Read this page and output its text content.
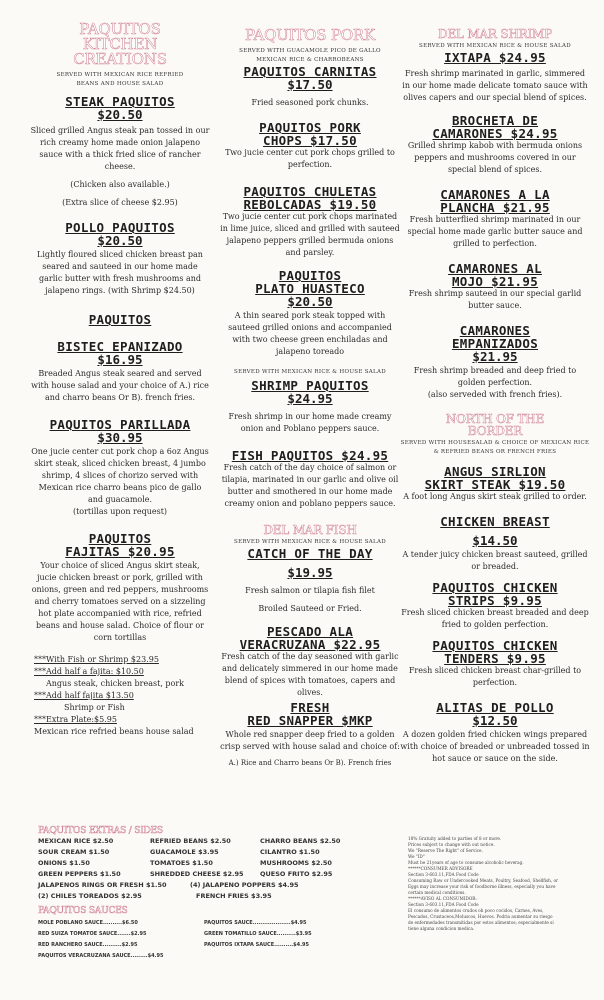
PAQUITOS KITCHEN CREATIONS
SERVED WITH MEXICAN RICE REFRIED BEANS AND HOUSE SALAD
STEAK PAQUITOS
$20.50
Sliced grilled Angus steak pan tossed in our rich creamy home made onion jalapeno sauce with a thick fried slice of rancher cheese.
(Chicken also available.)
(Extra slice of cheese $2.95)
POLLO PAQUITOS
$20.50
Lightly floured sliced chicken breast pan seared and sauteed in our home made garlic butter with fresh mushrooms and jalapeno rings. (with Shrimp $24.50)
PAQUITOS
BISTEC EPANIZADO
$16.95
Breaded Angus steak seared and served with house salad and your choice of A.) rice and charro beans Or B). french fries.
PAQUITOS PARILLADA
$30.95
One jucie center cut pork chop a 6oz Angus skirt steak, sliced chicken breast, 4 jumbo shrimp, 4 slices of chorizo served with Mexican rice charro beans pico de gallo and guacamole.
(tortillas upon request)
PAQUITOS
FAJITAS $20.95
Your choice of sliced Angus skirt steak, jucie chicken breast or pork, grilled with onions, green and red peppers, mushrooms and cherry tomatoes served on a sizzeling hot plate accompanied with rice, refried beans and house salad. Choice of flour or corn tortillas
***With Fish or Shrimp $23.95
***Add half a fajita: $10.50
Angus steak, chicken breast, pork
***Add half fajita $13.50
Shrimp or Fish
***Extra Plate:$5.95
Mexican rice refried beans house salad
PAQUITOS PORK
SERVED WITH GUACAMOLE PICO DE GALLO
MEXICAN RICE & CHARROBEANS
PAQUITOS CARNITAS
$17.50
Fried seasoned pork chunks.
PAQUITOS PORK
CHOPS $17.50
Two jucie center cut pork chops grilled to perfection.
PAQUITOS CHULETAS
REBOLCADAS $19.50
Two jucie center cut pork chops marinated in lime juice, sliced and grilled with sauteed jalapeno peppers grilled bermuda onions and parsley.
PAQUITOS
PLATO HUASTECO
$20.50
A thin seared pork steak topped with sauteed grilled onions and accompanied with two cheese green enchiladas and jalapeno toreado
SERVED WITH MEXICAN RICE & HOUSE SALAD
SHRIMP PAQUITOS
$24.95
Fresh shrimp in our home made creamy onion and Poblano peppers sauce.
FISH PAQUITOS $24.95
Fresh catch of the day choice of salmon or tilapia, marinated in our garlic and olive oil butter and smothered in our home made creamy onion and poblano peppers sauce.
DEL MAR FISH
SERVED WITH MEXICAN RICE & HOUSE SALAD
CATCH OF THE DAY
$19.95
Fresh salmon or tilapia fish filet
Broiled Sauteed or Fried.
PESCADO ALA
VERACRUZANA $22.95
Fresh catch of the day seasoned with garlic and delicately simmered in our home made blend of spices with tomatoes, capers and olives.
FRESH
RED SNAPPER $MKP
Whole red snapper deep fried to a golden crisp served with house salad and choice of:
A.) Rice and Charro beans Or B). French fries
DEL MAR SHRIMP
SERVED WITH MEXICAN RICE & HOUSE SALAD
IXTAPA $24.95
Fresh shrimp marinated in garlic, simmered in our home made delicate tomato sauce with olives capers and our special blend of spices.
BROCHETA DE
CAMARONES $24.95
Grilled shrimp kabob with bermuda onions peppers and mushrooms covered in our special blend of spices.
CAMARONES A LA
PLANCHA $21.95
Fresh butterflied shrimp marinated in our special home made garlic butter sauce and grilled to perfection.
CAMARONES AL
MOJO $21.95
Fresh shrimp sauteed in our special garlid butter sauce.
CAMARONES
EMPANIZADOS
$21.95
Fresh shrimp breaded and deep fried to golden perfection.
(also serveded with french fries).
NORTH OF THE BORDER
SERVED WITH HOUSESALAD & CHOICE OF MEXICAN RICE & REFRIED BEANS OR FRENCH FRIES
ANGUS SIRLION
SKIRT STEAK $19.50
A foot long Angus skirt steak grilled to order.
CHICKEN BREAST
$14.50
A tender juicy chicken breast sauteed, grilled or breaded.
PAQUITOS CHICKEN
STRIPS $9.95
Fresh sliced chicken breast breaded and deep fried to golden perfection.
PAQUITOS CHICKEN
TENDERS $9.95
Fresh sliced chicken breast char-grilled to perfection.
ALITAS DE POLLO
$12.50
A dozen golden fried chicken wings prepared with choice of breaded or unbreaded tossed in hot sauce or sauce on the side.
PAQUITOS EXTRAS / SIDES
MEXICAN RICE $2.50	REFRIED BEANS $2.50	CHARRO BEANS $2.50
SOUR CREAM $1.50	GUACAMOLE $3.95	CILANTRO $1.50
ONIONS $1.50	TOMATOES $1.50	MUSHROOMS $2.50
GREEN PEPPERS $1.50	SHREDDED CHEESE $2.95	QUESO FRITO $2.95
JALAPENOS RINGS OR FRESH $1.50	(4) JALAPENO POPPERS $4.95
(2) CHILES TOREADOS $2.95	FRENCH FRIES $3.95
PAQUITOS SAUCES
MOLE POBLANO SAUCE..........$6.50	PAQUITOS SAUCE....................$4.95
RED SUIZA TOMATOE SAUCE.......$2.95	GREEN TOMATILLO SAUCE..........$3.95
RED RANCHERO SAUCE..........$2.95	PAQUITOS IXTAPA SAUCE..........$4.95
PAQUITOS VERACRUZANA SAUCE.........$4.95
18% Gratuity added to parties of 8 or more.
Prices subject to change with out notice.
We "Reserve The Right" of Service.
We "ID"
Must be 21years of age to consume alcoholic beverag.
******CONSUMER ADVISORE
Section 3-603.11,FDA Food Code
Consuming Raw or Undercooked Meats, Poultry, Seafood, Shellfish, or
Eggs may increase your risk of foodborne illness, especially you have
certain medical conditions.
******AVISO AL CONSUMIDOR:
Section 3-603.11,FDA Food Code
El consumo de alimentos crudos oh poco cocidos, Carnes, Aves,
Pescados, Crustaceos,Moluscos, Huevos. Podria aumentar su riesgo
de enfermedades transmitidas por estos alimentos; especialmente si
tiene alguna condicion medica.
